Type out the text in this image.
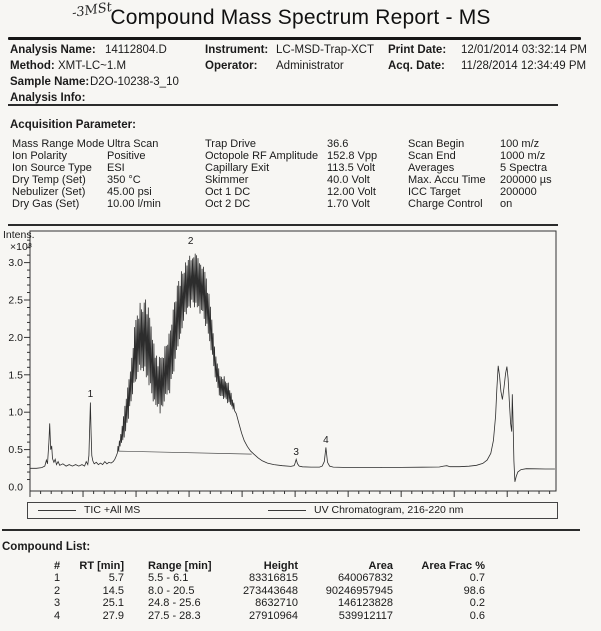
-3MSt
Compound Mass Spectrum Report - MS
Analysis Name: 14112804.D
Method: XMT-LC~1.M
Sample Name: D2O-10238-3_10
Analysis Info:
Instrument: LC-MSD-Trap-XCT
Operator: Administrator
Print Date: 12/01/2014 03:32:14 PM
Acq. Date: 11/28/2014 12:34:49 PM
Acquisition Parameter:
Mass Range Mode Ultra Scan
Ion Polarity	Positive
Ion Source Type	ESI
Dry Temp (Set)	350 °C
Nebulizer (Set)	45.00 psi
Dry Gas (Set)	10.00 l/min
Trap Drive	36.6
Octopole RF Amplitude 152.8 Vpp
Capillary Exit	113.5 Volt
Skimmer	40.0 Volt
Oct 1 DC	12.00 Volt
Oct 2 DC	1.70 Volt
Scan Begin	100 m/z
Scan End	1000 m/z
Averages	5 Spectra
Max. Accu Time	200000 µs
ICC Target	200000
Charge Control	on
Intens.
×10⁸
0.0
0.5
1.0
1.5
2.0
2.5
3.0
1
2
3
4
TIC +All MS	UV Chromatogram, 216-220 nm
Compound List:
#	RT [min]	Range [min]	Height	Area	Area Frac %
1	5.7	5.5 - 6.1	83316815	640067832	0.7
2	14.5	8.0 - 20.5	273443648	90246957945	98.6
3	25.1	24.8 - 25.6	8632710	146123828	0.2
4	27.9	27.5 - 28.3	27910964	539912117	0.6
